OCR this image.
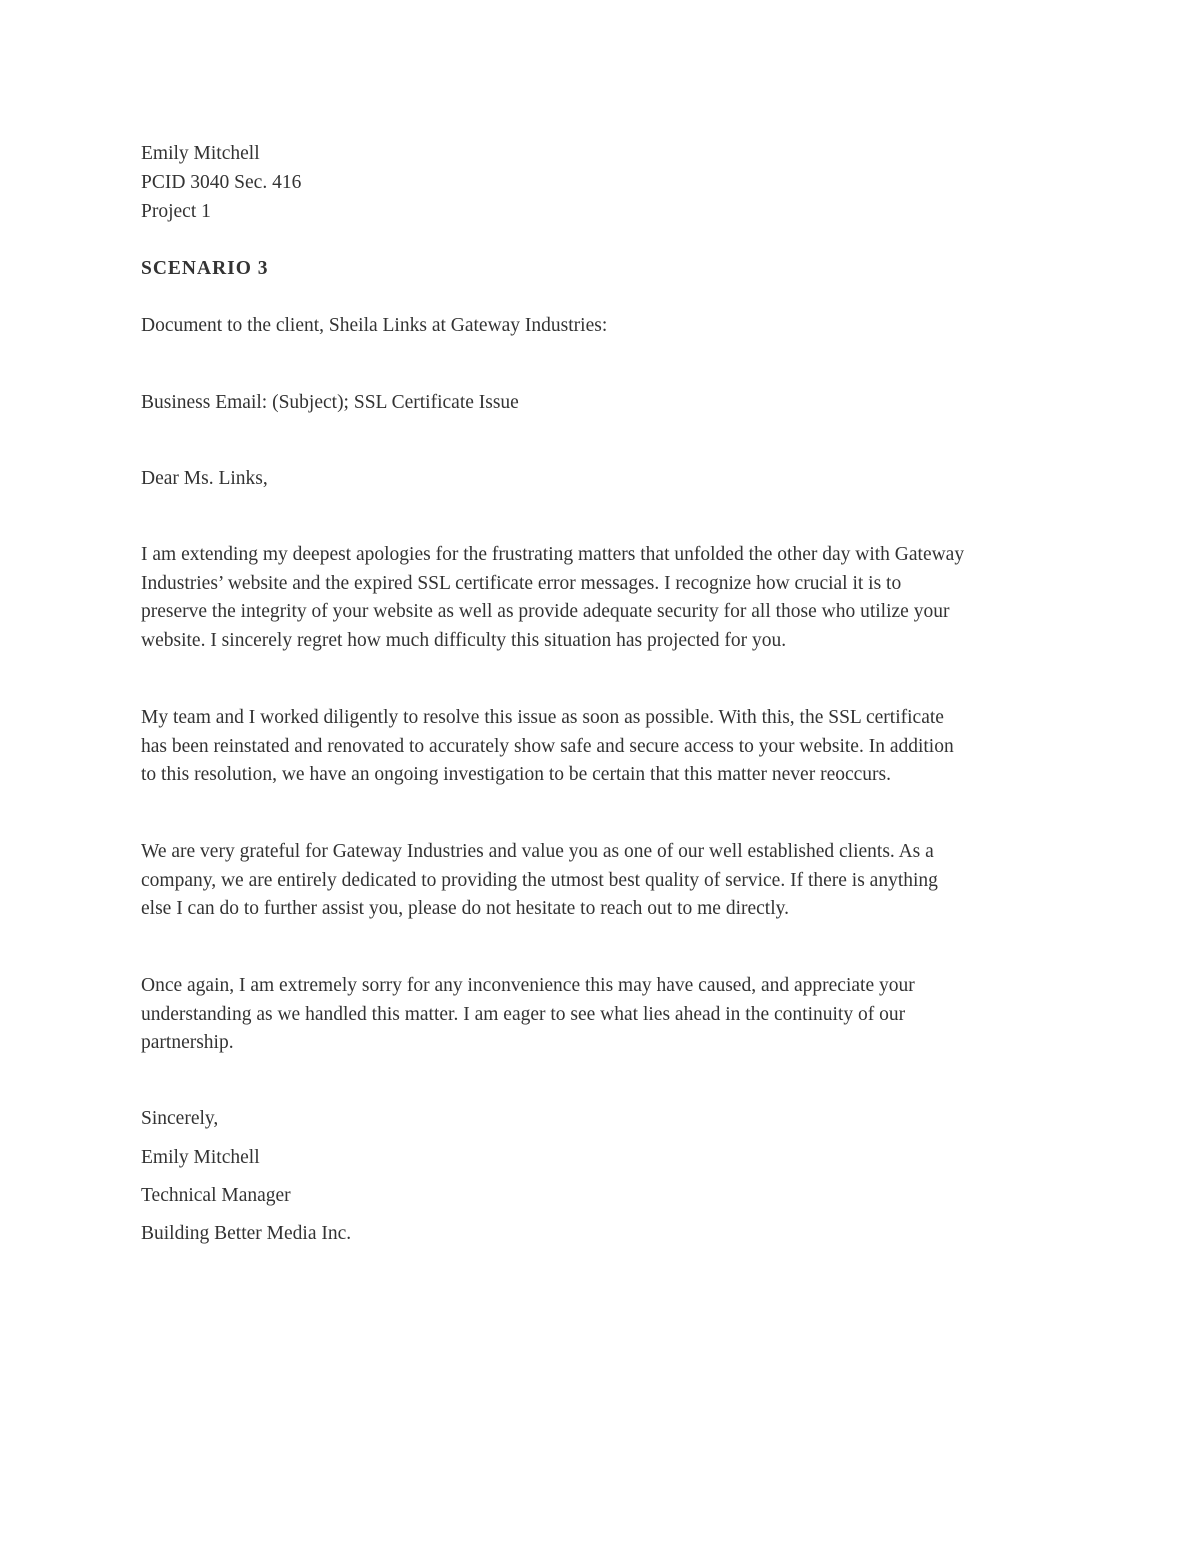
Emily Mitchell
PCID 3040 Sec. 416
Project 1
SCENARIO 3
Document to the client, Sheila Links at Gateway Industries:
Business Email: (Subject); SSL Certificate Issue
Dear Ms. Links,
I am extending my deepest apologies for the frustrating matters that unfolded the other day with Gateway
Industries’ website and the expired SSL certificate error messages. I recognize how crucial it is to
preserve the integrity of your website as well as provide adequate security for all those who utilize your
website. I sincerely regret how much difficulty this situation has projected for you.
My team and I worked diligently to resolve this issue as soon as possible. With this, the SSL certificate
has been reinstated and renovated to accurately show safe and secure access to your website. In addition
to this resolution, we have an ongoing investigation to be certain that this matter never reoccurs.
We are very grateful for Gateway Industries and value you as one of our well established clients. As a
company, we are entirely dedicated to providing the utmost best quality of service. If there is anything
else I can do to further assist you, please do not hesitate to reach out to me directly.
Once again, I am extremely sorry for any inconvenience this may have caused, and appreciate your
understanding as we handled this matter. I am eager to see what lies ahead in the continuity of our
partnership.
Sincerely,
Emily Mitchell
Technical Manager
Building Better Media Inc.
